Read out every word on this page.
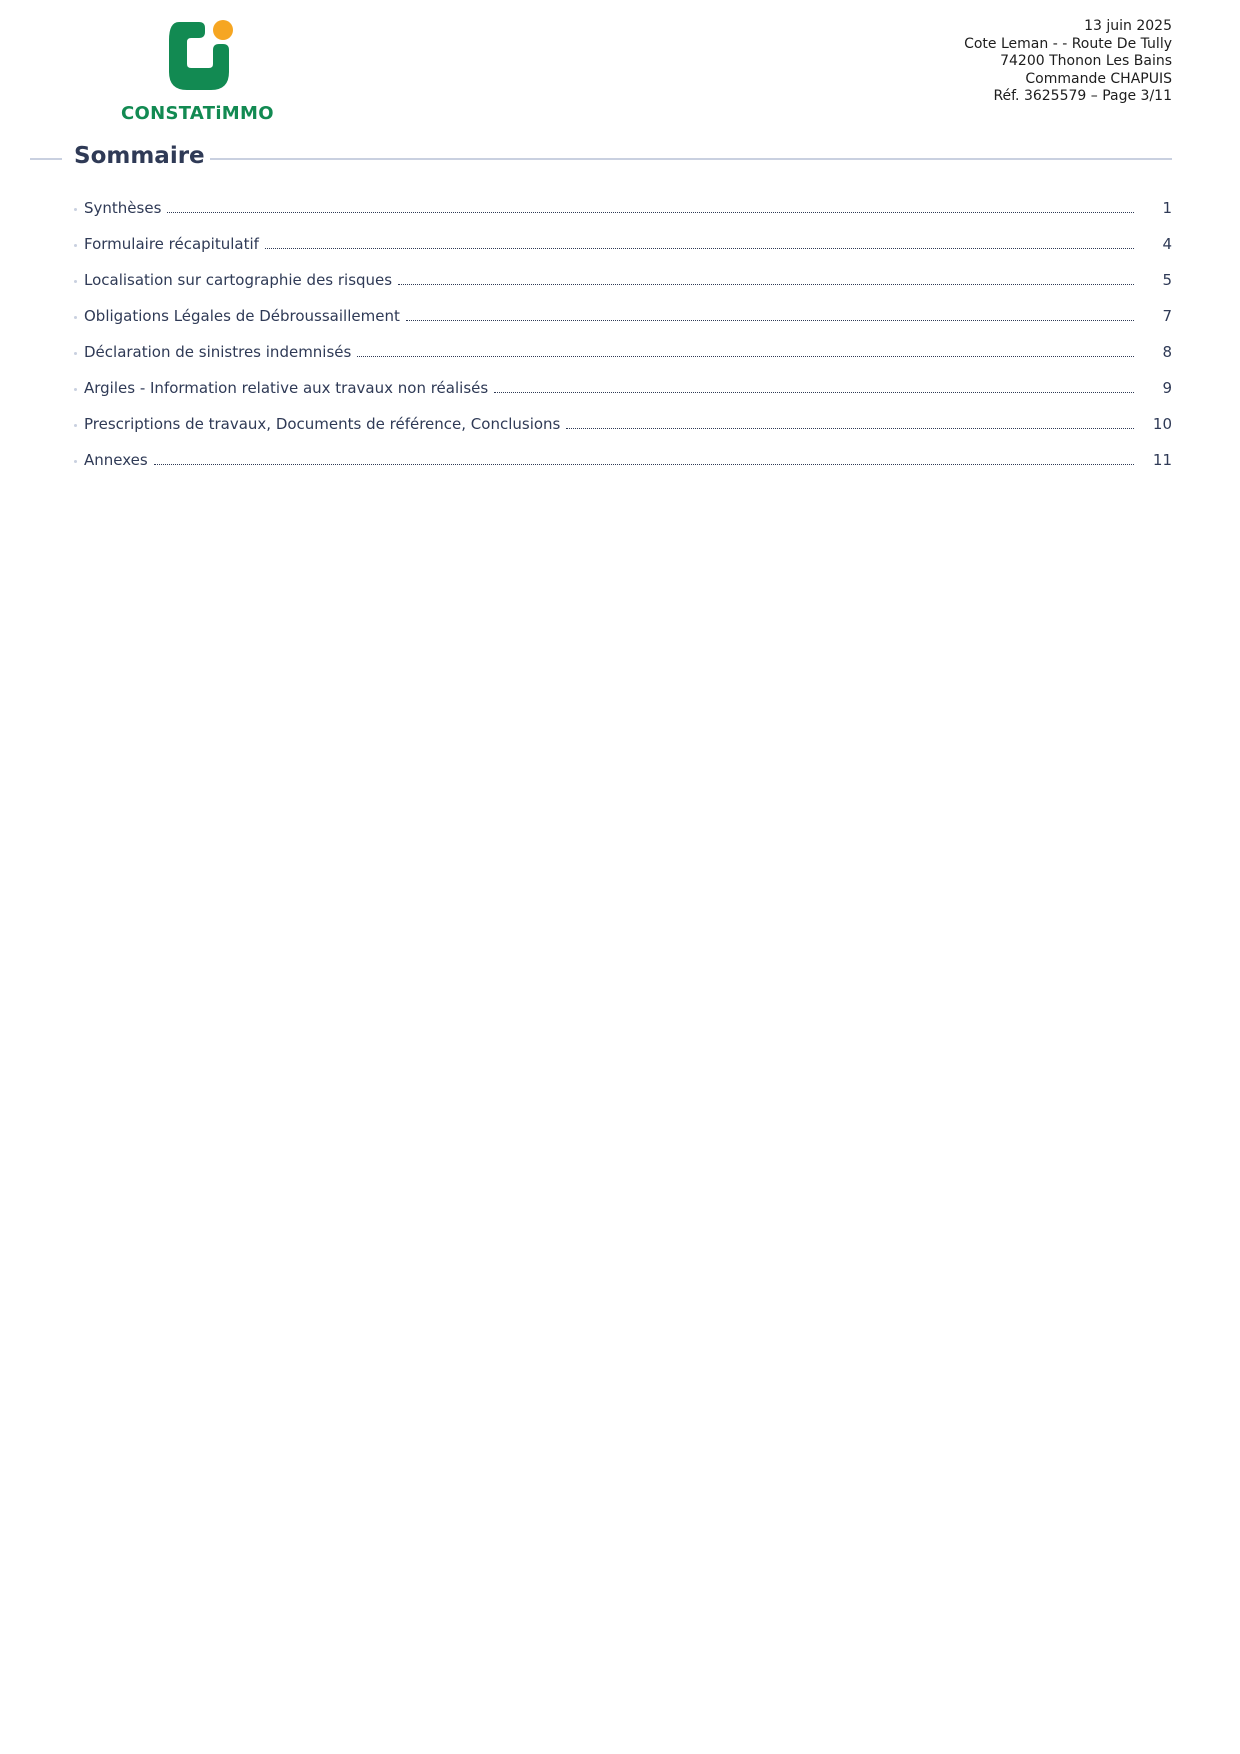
CONSTATiMMO
13 juin 2025
Cote Leman - - Route De Tully
74200 Thonon Les Bains
Commande CHAPUIS
Réf. 3625579 – Page 3/11
Sommaire
Synthèses	1
Formulaire récapitulatif	4
Localisation sur cartographie des risques	5
Obligations Légales de Débroussaillement	7
Déclaration de sinistres indemnisés	8
Argiles - Information relative aux travaux non réalisés	9
Prescriptions de travaux, Documents de référence, Conclusions	10
Annexes	11
